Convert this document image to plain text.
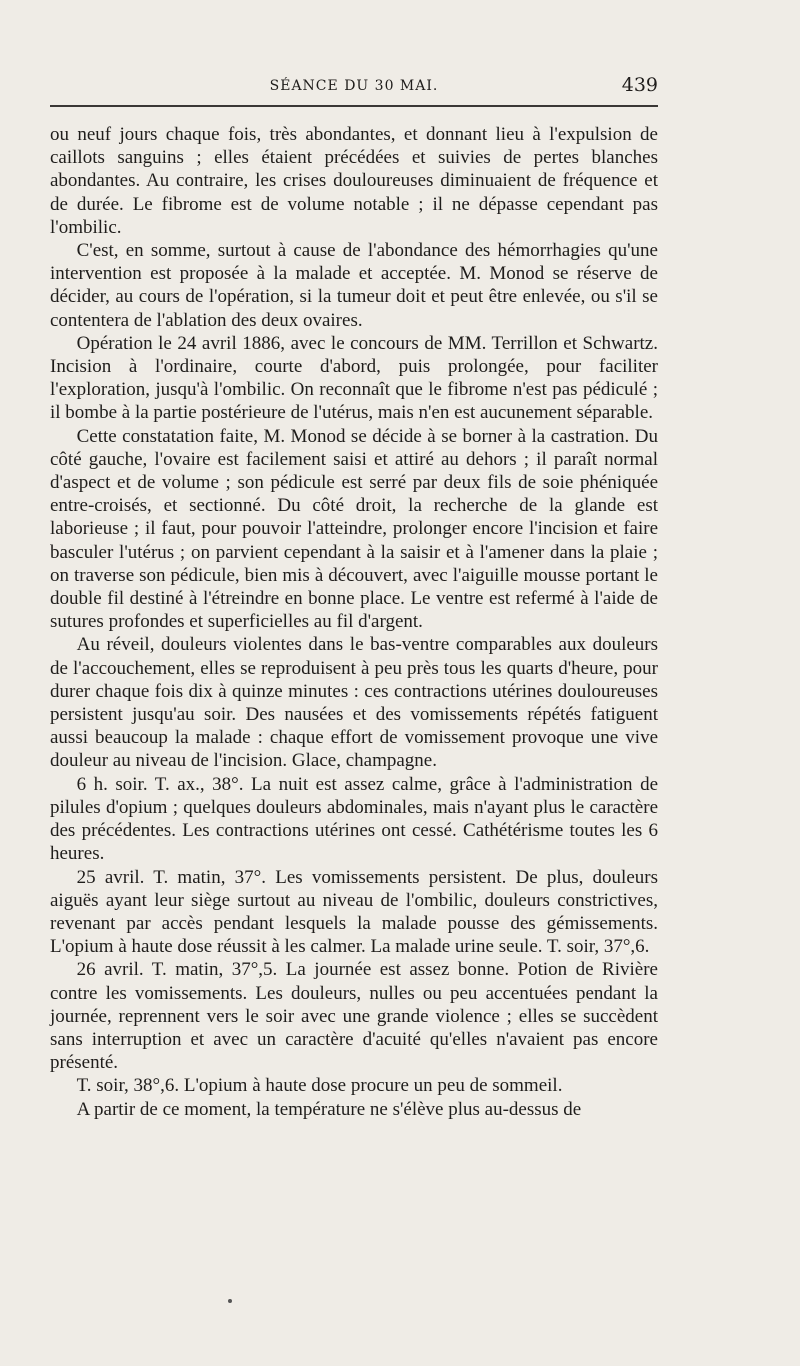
SÉANCE DU 30 MAI.	439

ou neuf jours chaque fois, très abondantes, et donnant lieu à l'expulsion de caillots sanguins ; elles étaient précédées et suivies de pertes blanches abondantes. Au contraire, les crises douloureuses diminuaient de fréquence et de durée. Le fibrome est de volume notable ; il ne dépasse cependant pas l'ombilic.

C'est, en somme, surtout à cause de l'abondance des hémorrhagies qu'une intervention est proposée à la malade et acceptée. M. Monod se réserve de décider, au cours de l'opération, si la tumeur doit et peut être enlevée, ou s'il se contentera de l'ablation des deux ovaires.

Opération le 24 avril 1886, avec le concours de MM. Terrillon et Schwartz. Incision à l'ordinaire, courte d'abord, puis prolongée, pour faciliter l'exploration, jusqu'à l'ombilic. On reconnaît que le fibrome n'est pas pédiculé ; il bombe à la partie postérieure de l'utérus, mais n'en est aucunement séparable.

Cette constatation faite, M. Monod se décide à se borner à la castration. Du côté gauche, l'ovaire est facilement saisi et attiré au dehors ; il paraît normal d'aspect et de volume ; son pédicule est serré par deux fils de soie phéniquée entre-croisés, et sectionné. Du côté droit, la recherche de la glande est laborieuse ; il faut, pour pouvoir l'atteindre, prolonger encore l'incision et faire basculer l'utérus ; on parvient cependant à la saisir et à l'amener dans la plaie ; on traverse son pédicule, bien mis à découvert, avec l'aiguille mousse portant le double fil destiné à l'étreindre en bonne place. Le ventre est refermé à l'aide de sutures profondes et superficielles au fil d'argent.

Au réveil, douleurs violentes dans le bas-ventre comparables aux douleurs de l'accouchement, elles se reproduisent à peu près tous les quarts d'heure, pour durer chaque fois dix à quinze minutes : ces contractions utérines douloureuses persistent jusqu'au soir. Des nausées et des vomissements répétés fatiguent aussi beaucoup la malade : chaque effort de vomissement provoque une vive douleur au niveau de l'incision. Glace, champagne.

6 h. soir. T. ax., 38°. La nuit est assez calme, grâce à l'administration de pilules d'opium ; quelques douleurs abdominales, mais n'ayant plus le caractère des précédentes. Les contractions utérines ont cessé. Cathétérisme toutes les 6 heures.

25 avril. T. matin, 37°. Les vomissements persistent. De plus, douleurs aiguës ayant leur siège surtout au niveau de l'ombilic, douleurs constrictives, revenant par accès pendant lesquels la malade pousse des gémissements. L'opium à haute dose réussit à les calmer. La malade urine seule. T. soir, 37°,6.

26 avril. T. matin, 37°,5. La journée est assez bonne. Potion de Rivière contre les vomissements. Les douleurs, nulles ou peu accentuées pendant la journée, reprennent vers le soir avec une grande violence ; elles se succèdent sans interruption et avec un caractère d'acuité qu'elles n'avaient pas encore présenté.

T. soir, 38°,6. L'opium à haute dose procure un peu de sommeil.

A partir de ce moment, la température ne s'élève plus au-dessus de
